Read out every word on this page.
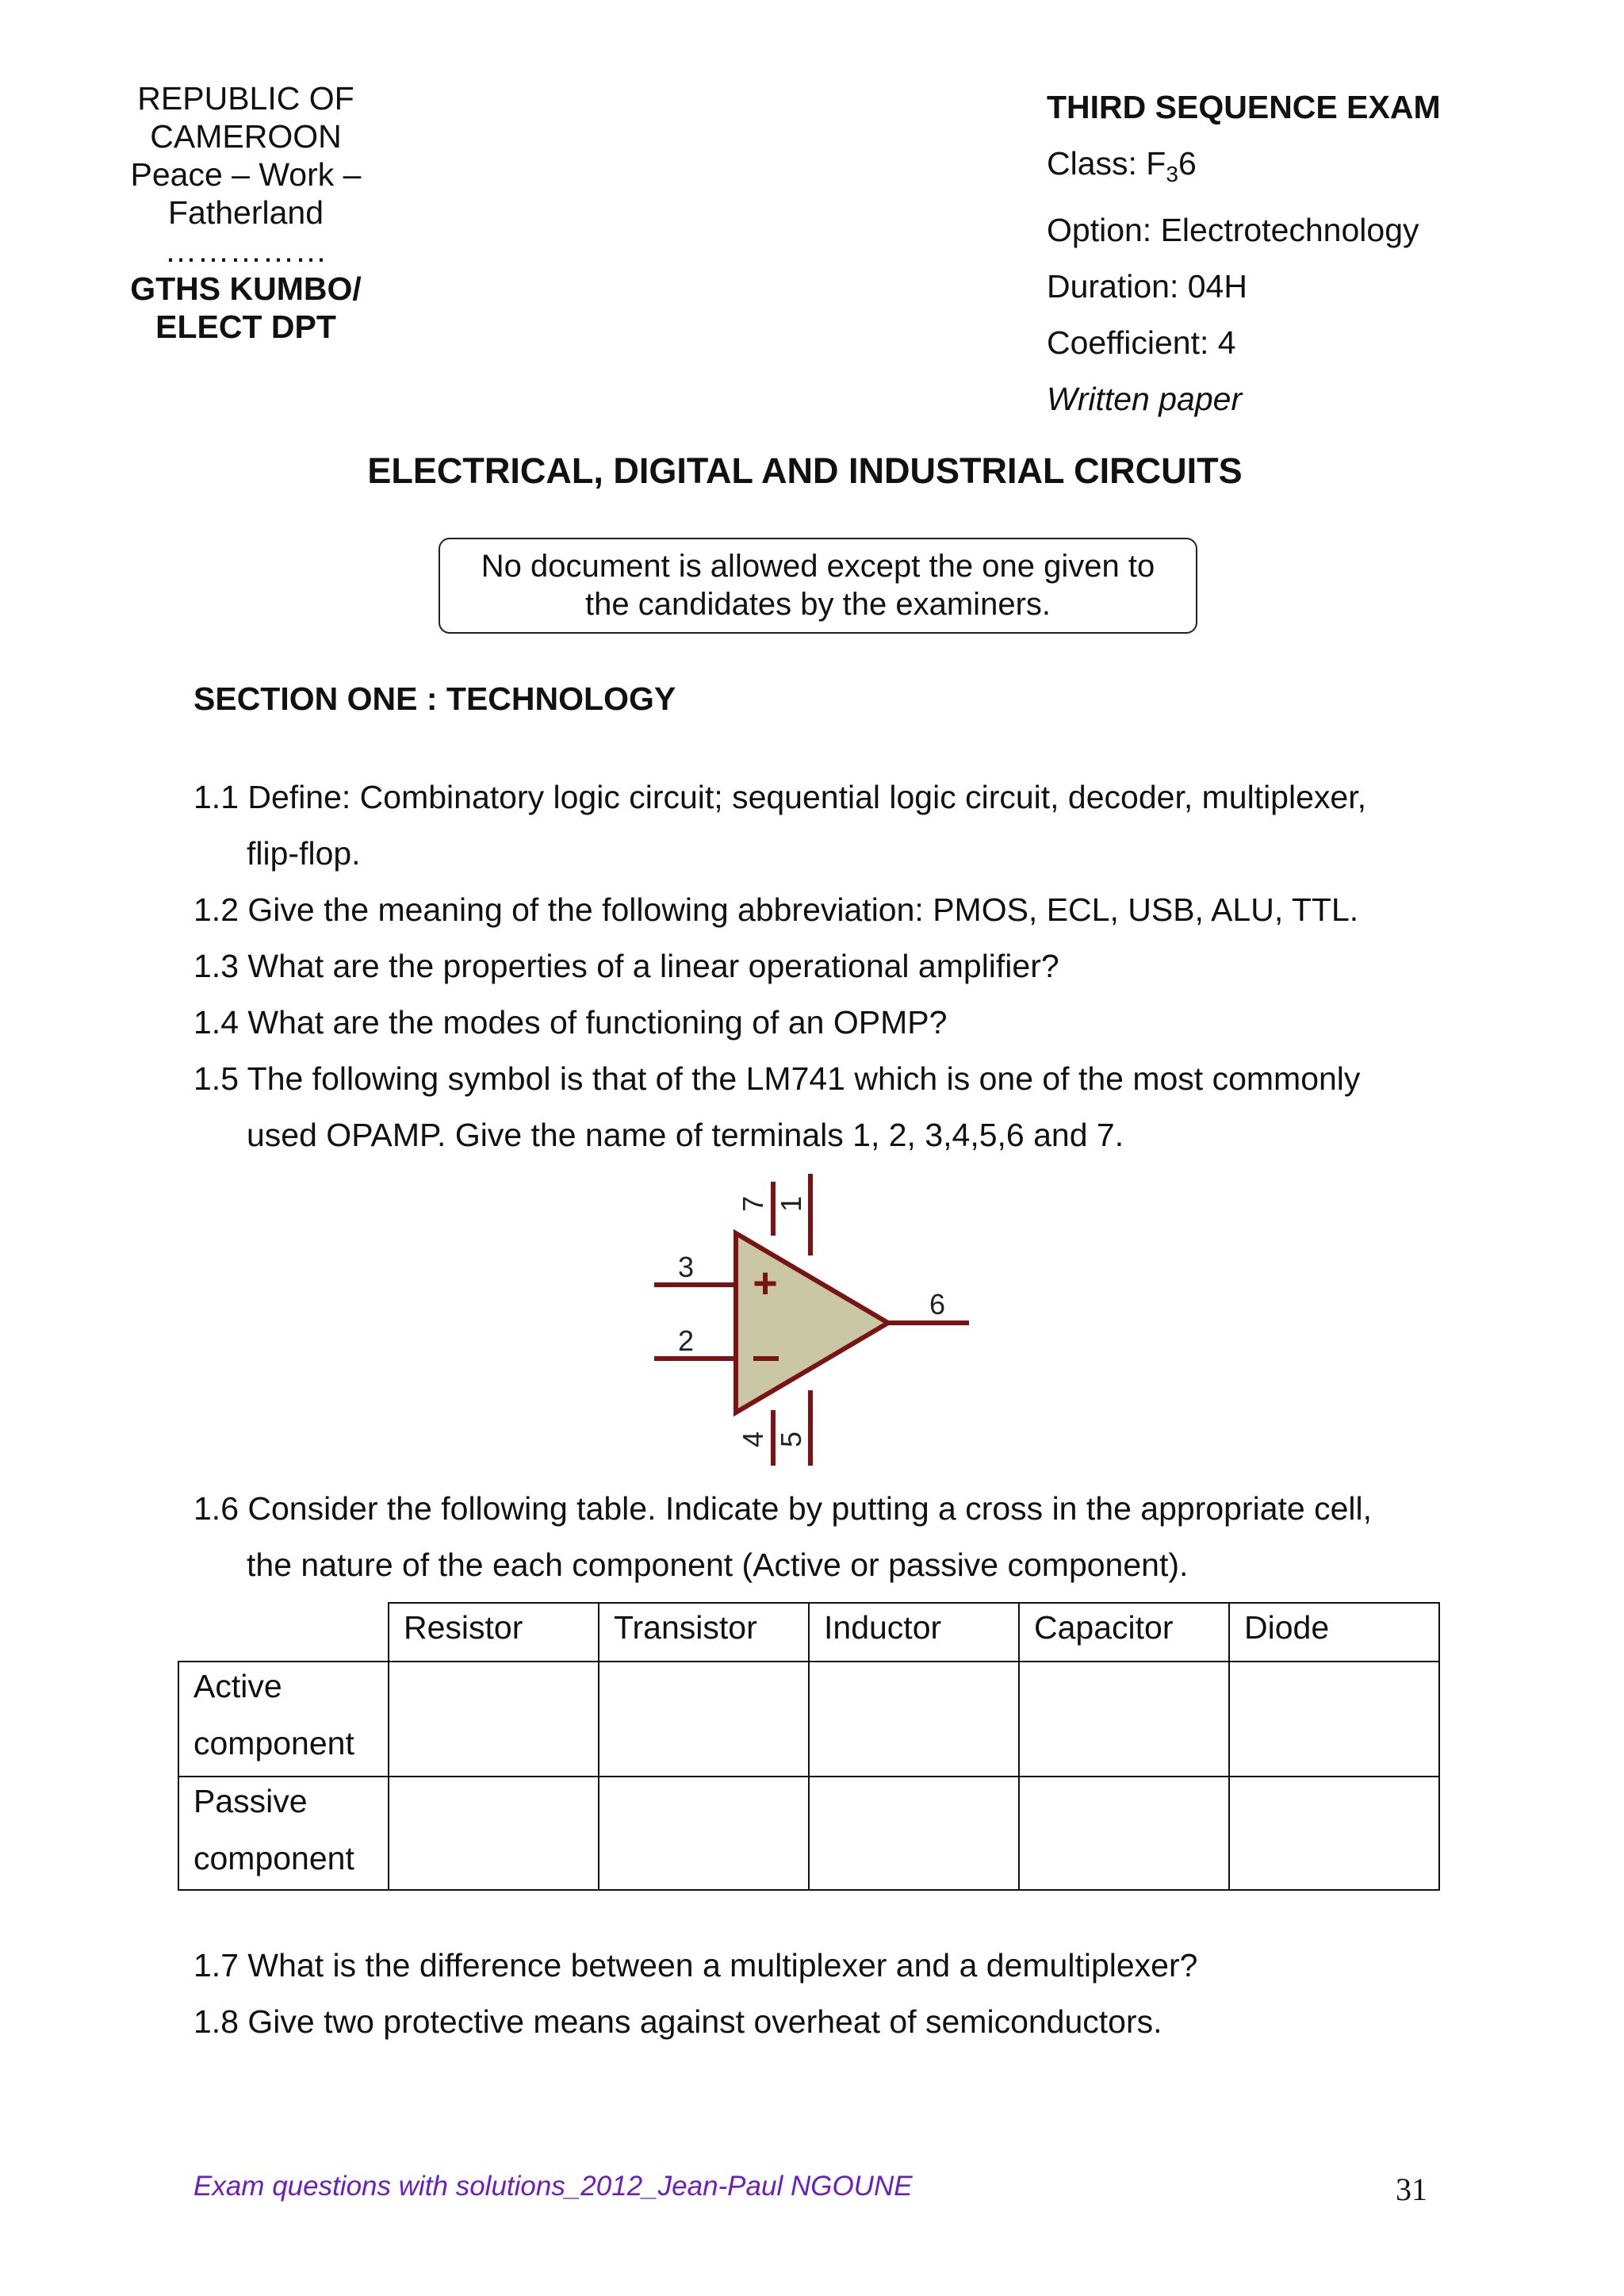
REPUBLIC OF CAMEROON
Peace – Work – Fatherland
……………
GTHS KUMBO/ ELECT DPT
THIRD SEQUENCE EXAM
Class: $F_36$
Option: Electrotechnology
Duration: 04H
Coefficient: 4
Written paper
ELECTRICAL, DIGITAL AND INDUSTRIAL CIRCUITS
No document is allowed except the one given to
the candidates by the examiners.
SECTION ONE : TECHNOLOGY
1.1 Define: Combinatory logic circuit; sequential logic circuit, decoder, multiplexer,
flip-flop.
1.2 Give the meaning of the following abbreviation: PMOS, ECL, USB, ALU, TTL.
1.3 What are the properties of a linear operational amplifier?
1.4 What are the modes of functioning of an OPMP?
1.5 The following symbol is that of the LM741 which is one of the most commonly
used OPAMP. Give the name of terminals 1, 2, 3,4,5,6 and 7.
+
3
2
6
7 1
4 5
−
1.6 Consider the following table. Indicate by putting a cross in the appropriate cell,
the nature of the each component (Active or passive component).
	Resistor	Transistor	Inductor	Capacitor	Diode

Active
component					

Passive
component					

1.7 What is the difference between a multiplexer and a demultiplexer?
1.8 Give two protective means against overheat of semiconductors.
Exam questions with solutions_2012_Jean-Paul NGOUNE	31
